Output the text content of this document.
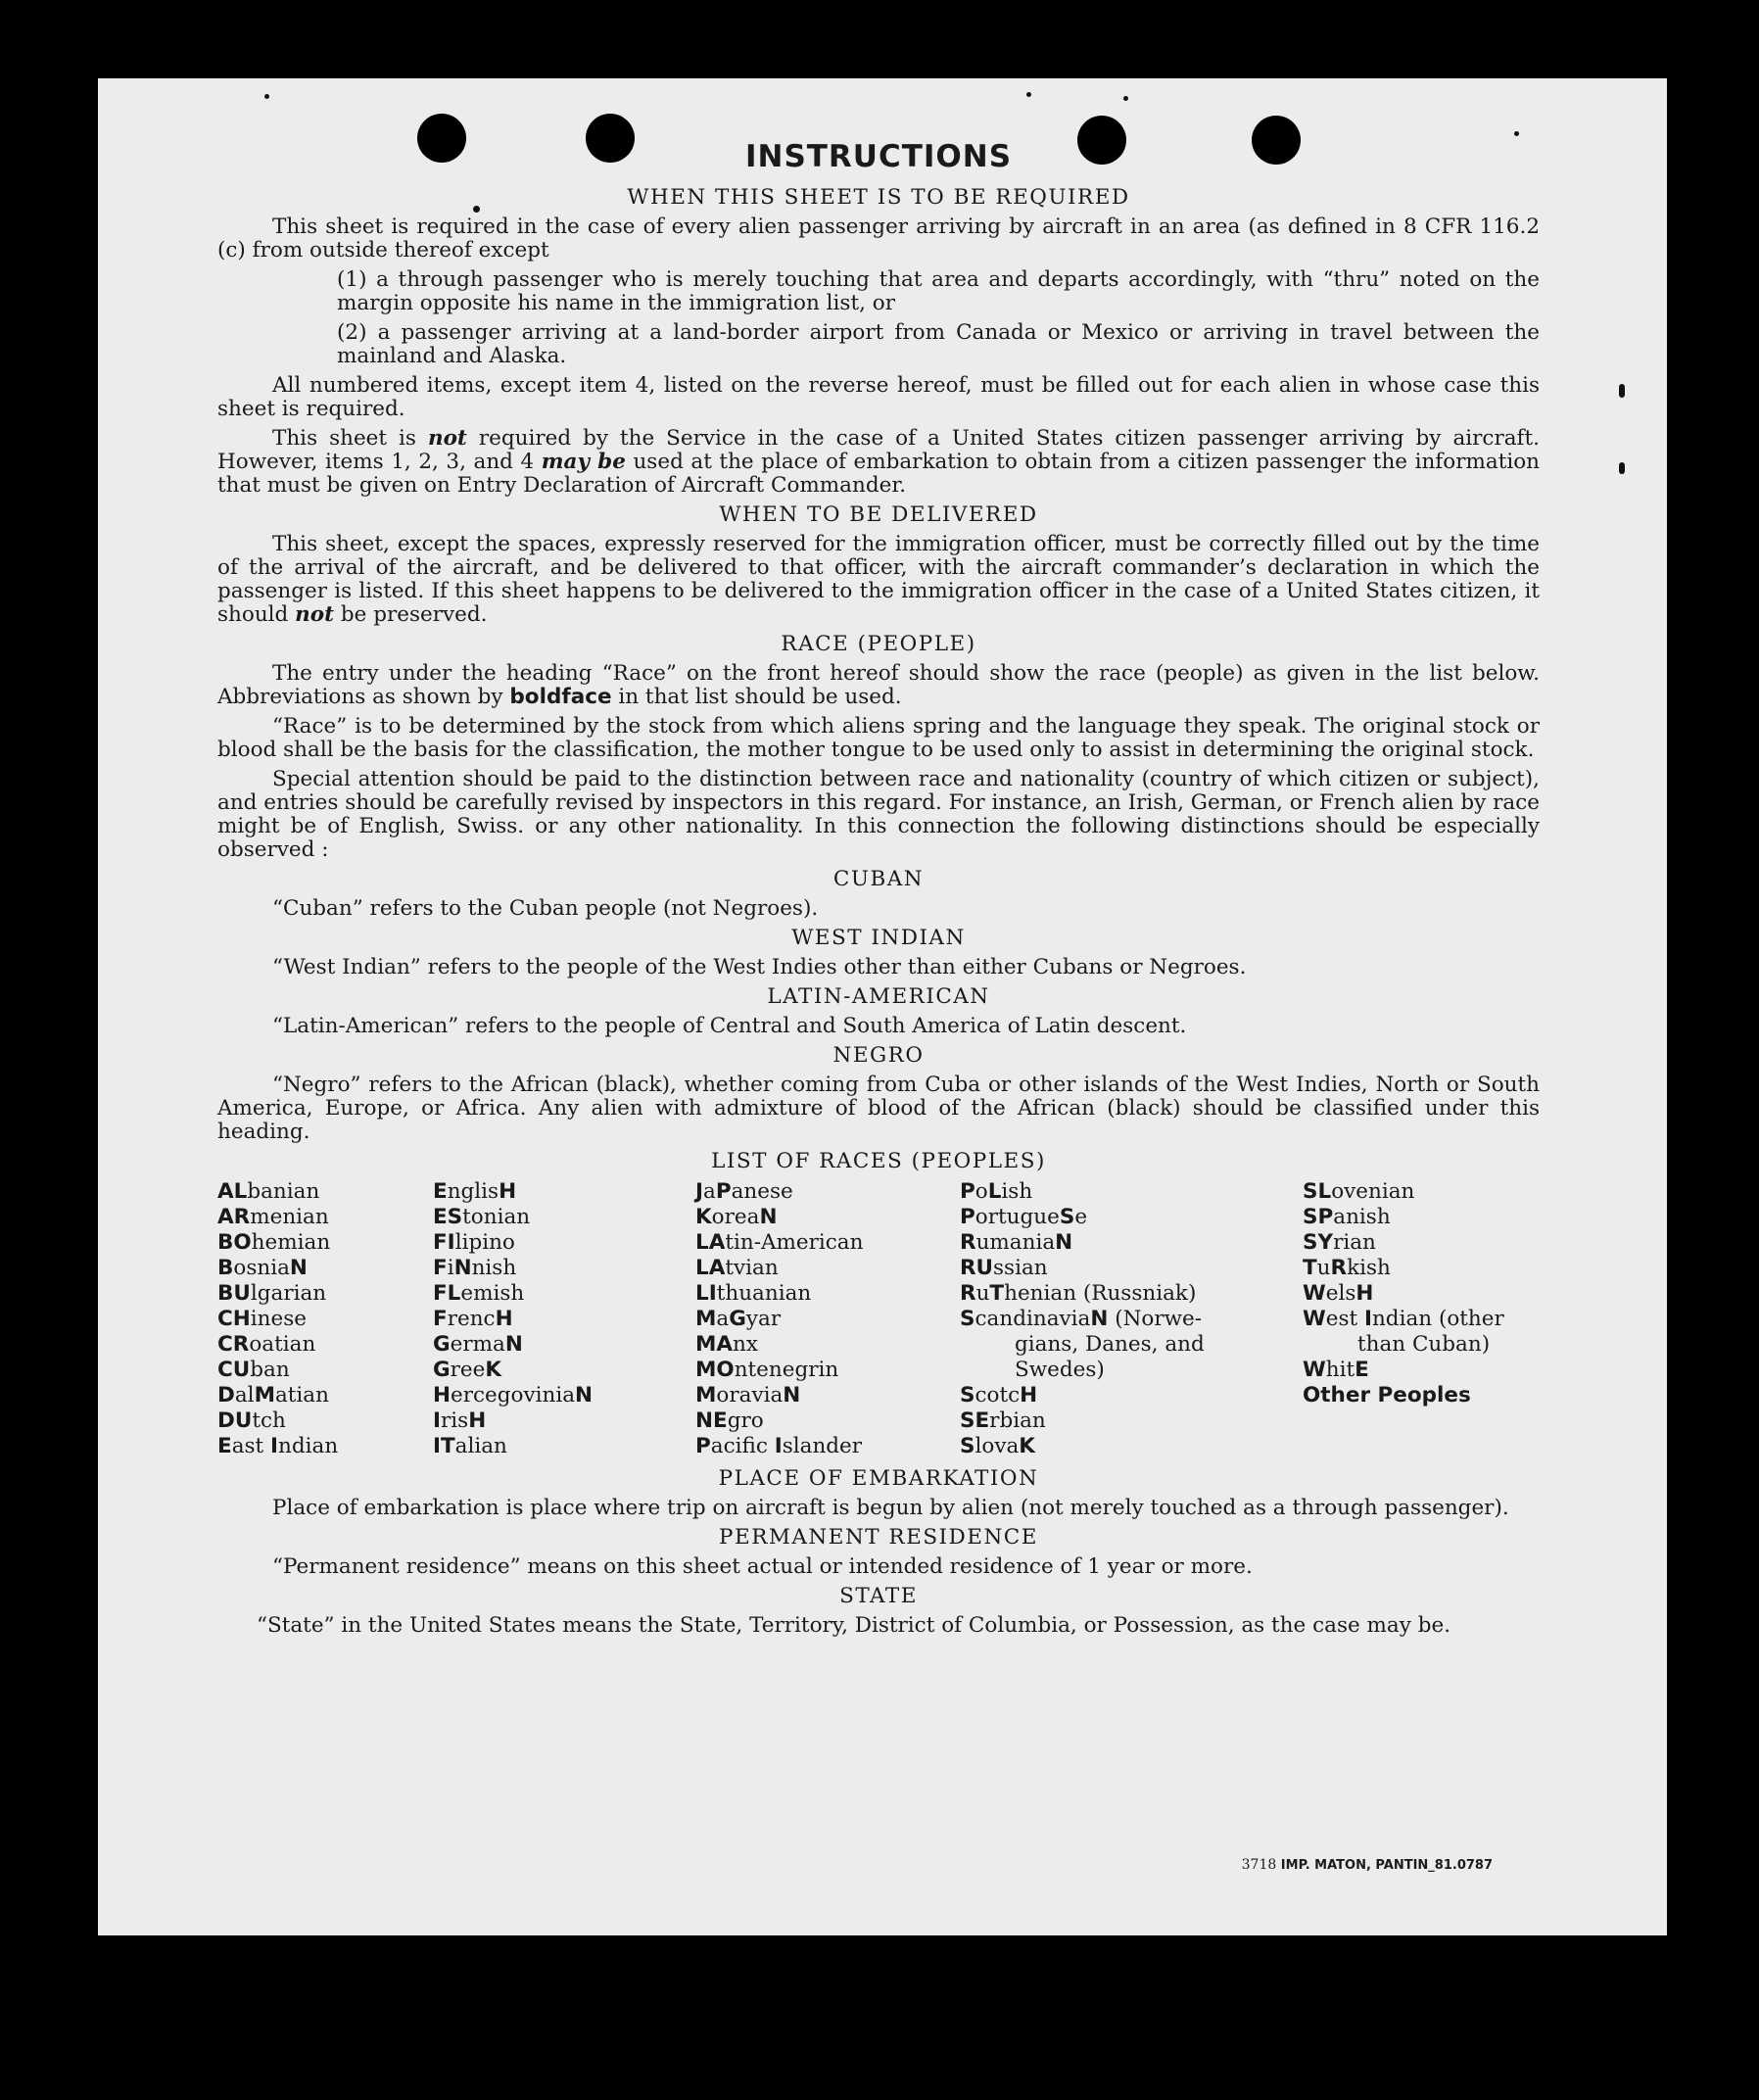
INSTRUCTIONS
WHEN THIS SHEET IS TO BE REQUIRED

This sheet is required in the case of every alien passenger arriving by aircraft in an area (as defined in 8 CFR 116.2 (c) from outside thereof except

(1) a through passenger who is merely touching that area and departs accordingly, with “thru” noted on the margin opposite his name in the immigration list, or

(2) a passenger arriving at a land-border airport from Canada or Mexico or arriving in travel between the mainland and Alaska.

All numbered items, except item 4, listed on the reverse hereof, must be filled out for each alien in whose case this sheet is required.

This sheet is not required by the Service in the case of a United States citizen passenger arriving by aircraft. However, items 1, 2, 3, and 4 may be used at the place of embarkation to obtain from a citizen passenger the information that must be given on Entry Declaration of Aircraft Commander.

WHEN TO BE DELIVERED

This sheet, except the spaces, expressly reserved for the immigration officer, must be correctly filled out by the time of the arrival of the aircraft, and be delivered to that officer, with the aircraft commander’s declaration in which the passenger is listed. If this sheet happens to be delivered to the immigration officer in the case of a United States citizen, it should not be preserved.

RACE (PEOPLE)

The entry under the heading “Race” on the front hereof should show the race (people) as given in the list below. Abbreviations as shown by boldface in that list should be used.

“Race” is to be determined by the stock from which aliens spring and the language they speak. The original stock or blood shall be the basis for the classification, the mother tongue to be used only to assist in determining the original stock.

Special attention should be paid to the distinction between race and nationality (country of which citizen or subject), and entries should be carefully revised by inspectors in this regard. For instance, an Irish, German, or French alien by race might be of English, Swiss. or any other nationality. In this connection the following distinctions should be especially observed :

CUBAN

“Cuban” refers to the Cuban people (not Negroes).

WEST INDIAN

“West Indian” refers to the people of the West Indies other than either Cubans or Negroes.

LATIN-AMERICAN

“Latin-American” refers to the people of Central and South America of Latin descent.

NEGRO

“Negro” refers to the African (black), whether coming from Cuba or other islands of the West Indies, North or South America, Europe, or Africa. Any alien with admixture of blood of the African (black) should be classified under this heading.

LIST OF RACES (PEOPLES)
ALbanian
ARmenian
BOhemian
BosniaN
BUlgarian
CHinese
CRoatian
CUban
DalMatian
DUtch
East Indian
EnglisH
EStonian
FIlipino
FiNnish
FLemish
FrencH
GermaN
GreeK
HercegoviniaN
IrisH
ITalian
JaPanese
KoreaN
LAtin-American
LAtvian
LIthuanian
MaGyar
MAnx
MOntenegrin
MoraviaN
NEgro
Pacific Islander
PoLish
PortugueSe
RumaniaN
RUssian
RuThenian (Russniak)
ScandinaviaN (Norwe-
gians, Danes, and
Swedes)
ScotcH
SErbian
SlovaK
SLovenian
SPanish
SYrian
TuRkish
WelsH
West Indian (other
than Cuban)
WhitE
Other Peoples
PLACE OF EMBARKATION

Place of embarkation is place where trip on aircraft is begun by alien (not merely touched as a through passenger).

PERMANENT RESIDENCE

“Permanent residence” means on this sheet actual or intended residence of 1 year or more.

STATE

“State” in the United States means the State, Territory, District of Columbia, or Possession, as the case may be.

3718 IMP. MATON, PANTIN_81.0787
